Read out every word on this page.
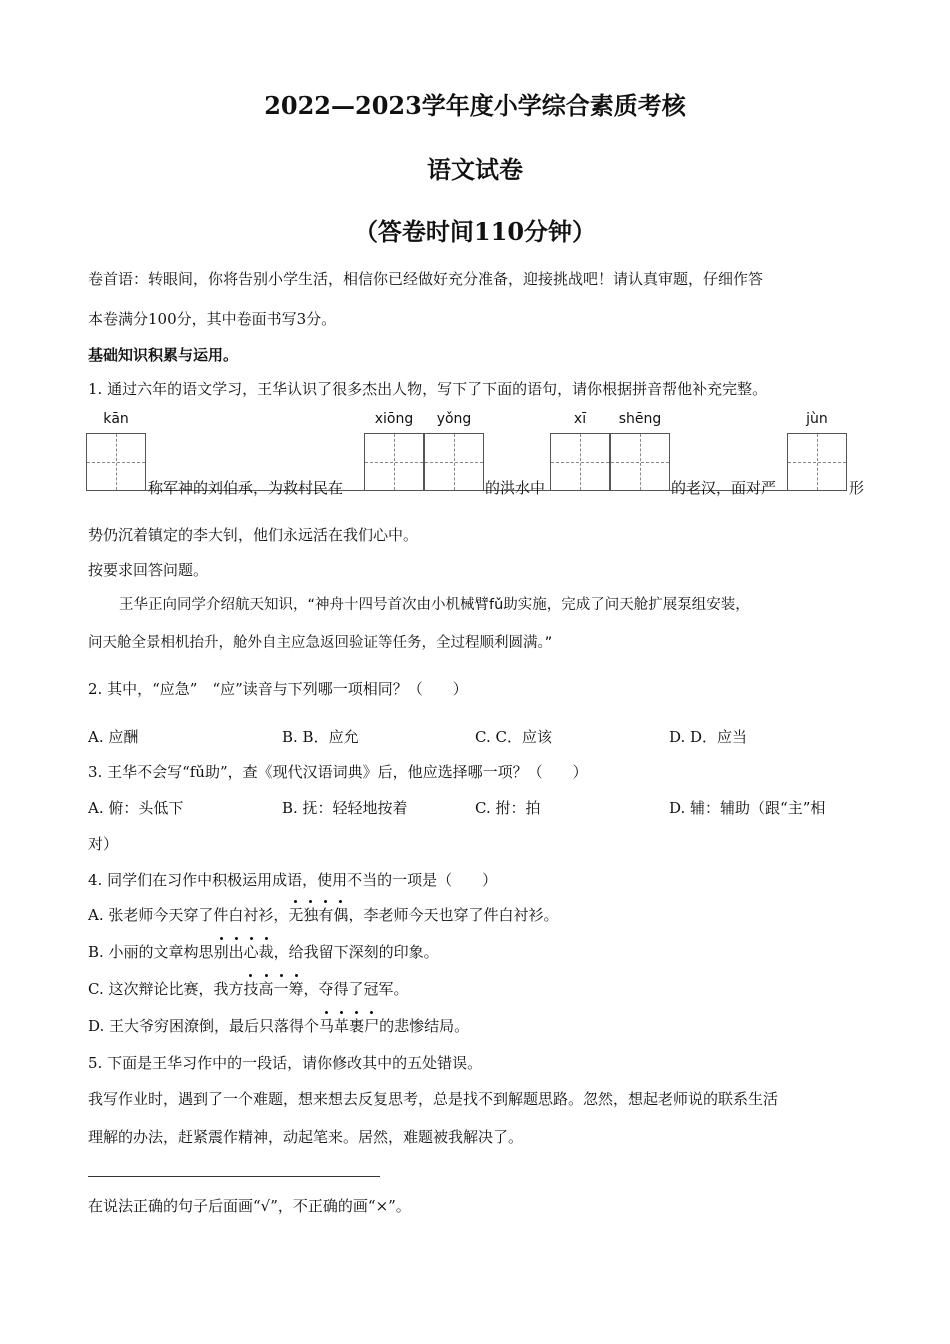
2022—2023学年度小学综合素质考核
语文试卷
（答卷时间110分钟）
卷首语：转眼间，你将告别小学生活，相信你已经做好充分准备，迎接挑战吧！请认真审题，仔细作答
本卷满分100分，其中卷面书写3分。
基础知识积累与运用。
1. 通过六年的语文学习，王华认识了很多杰出人物，写下了下面的语句，请你根据拼音帮他补充完整。
kān	xiōng	yǒng	xī	shēng	jùn
称军神的刘伯承，为救村民在	的洪水中	的老汉，面对严	形
势仍沉着镇定的李大钊，他们永远活在我们心中。
按要求回答问题。
王华正向同学介绍航天知识，“神舟十四号首次由小机械臂fǔ助实施，完成了问天舱扩展泵组安装，
问天舱全景相机抬升，舱外自主应急返回验证等任务，全过程顺利圆满。”
2. 其中，“应急”　“应”读音与下列哪一项相同？（　　）
A. 应酬	B. B．应允	C. C．应该	D. D．应当
3. 王华不会写“fǔ助”，查《现代汉语词典》后，他应选择哪一项？（　　）
A. 俯：头低下	B. 抚：轻轻地按着	C. 拊：拍	D. 辅：辅助（跟“主”相
对）
4. 同学们在习作中积极运用成语，使用不当的一项是（　　）
A. 张老师今天穿了件白衬衫，无独有偶，李老师今天也穿了件白衬衫。
B. 小丽的文章构思别出心裁，给我留下深刻的印象。
C. 这次辩论比赛，我方技高一筹，夺得了冠军。
D. 王大爷穷困潦倒，最后只落得个马革裹尸的悲惨结局。
5. 下面是王华习作中的一段话，请你修改其中的五处错误。
我写作业时，遇到了一个难题，想来想去反复思考，总是找不到解题思路。忽然，想起老师说的联系生活
理解的办法，赶紧震作精神，动起笔来。居然，难题被我解决了。
在说法正确的句子后面画“√”，不正确的画“×”。
